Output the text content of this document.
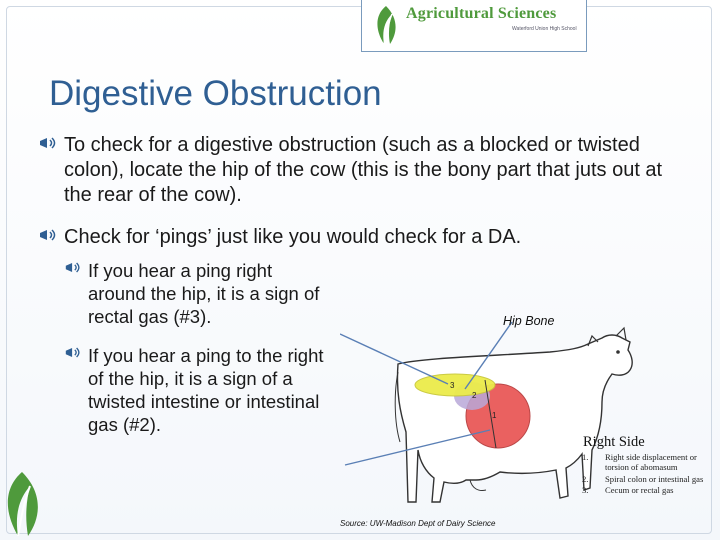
Agricultural Sciences
Waterford Union High School
Digestive Obstruction
To check for a digestive obstruction (such as a blocked or twisted colon), locate the hip of the cow (this is the bony part that juts out at the rear of the cow).
Check for ‘pings’ just like you would check for a DA.
If you hear a ping right around the hip, it is a sign of rectal gas (#3).
If you hear a ping to the right of the hip, it is a sign of a twisted intestine or intestinal gas (#2).
3
2
1
Hip Bone
Right Side
1. Right side displacement or torsion of abomasum
2. Spiral colon or intestinal gas
3. Cecum or rectal gas
Source: UW-Madison Dept of Dairy Science
